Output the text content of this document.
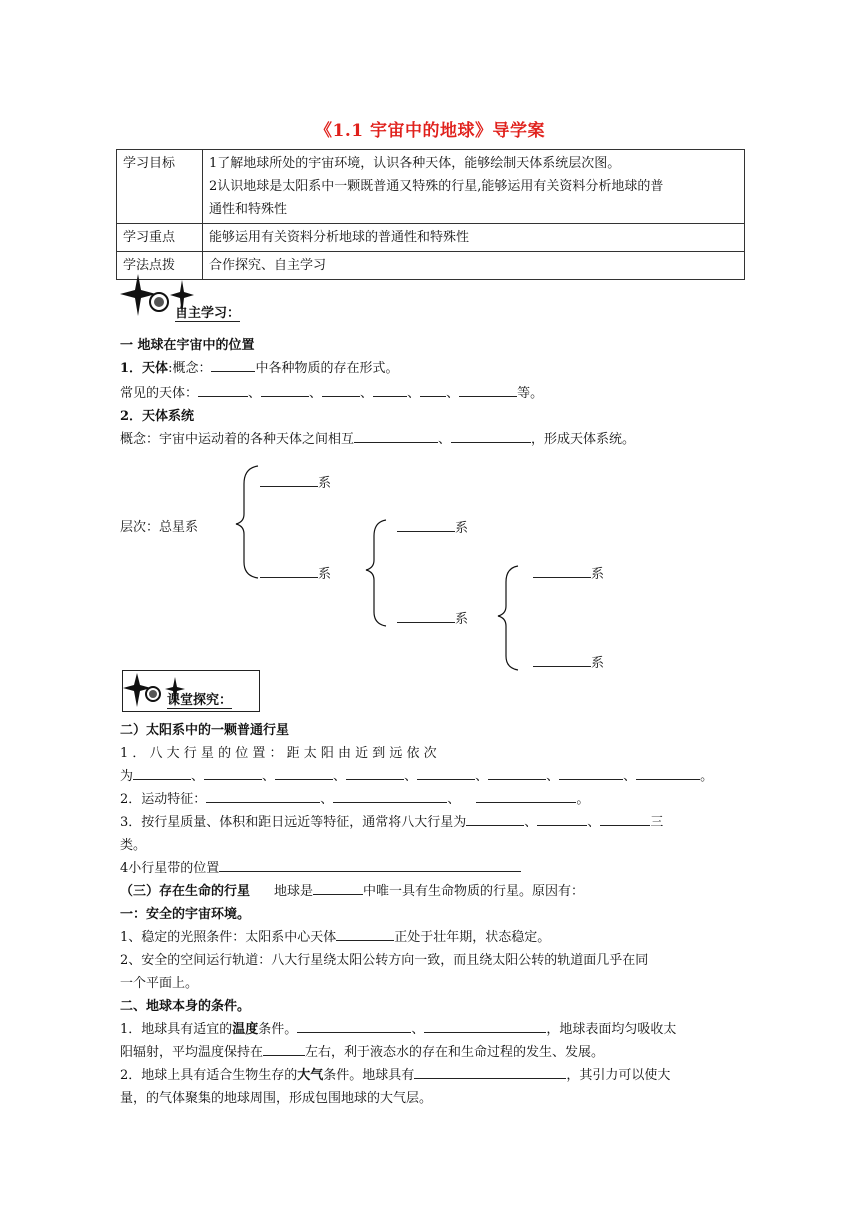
《1.1 宇宙中的地球》导学案
学习目标	1了解地球所处的宇宙环境，认识各种天体，能够绘制天体系统层次图。
2认识地球是太阳系中一颗既普通又特殊的行星,能够运用有关资料分析地球的普
通性和特殊性

学习重点	能够运用有关资料分析地球的普通性和特殊性

学法点拨	合作探究、自主学习
自主学习：
一 地球在宇宙中的位置
1．天体:概念：	中各种物质的存在形式。
常见的天体：	、	、	、	、 、	等。
2．天体系统
概念：宇宙中运动着的各种天体之间相互	、	，形成天体系统。
层次：总星系
系
系
系
系
系
系
课堂探究：
二）太阳系中的一颗普通行星
1 ． 八 大 行 星 的 位 置 ： 距 太 阳 由 近 到 远 依 次
为	、	、	、	、	、	、	、	。
2．运动特征：	、	、	。
3．按行星质量、体积和距日远近等特征，通常将八大行星为	、	、	三
类。
4小行星带的位置
（三）存在生命的行星 地球是	中唯一具有生命物质的行星。原因有：
一：安全的宇宙环境。
1、稳定的光照条件：太阳系中心天体	正处于壮年期，状态稳定。
2、安全的空间运行轨道：八大行星绕太阳公转方向一致，而且绕太阳公转的轨道面几乎在同
一个平面上。
二、地球本身的条件。
1．地球具有适宜的温度条件。	、	，地球表面均匀吸收太
阳辐射，平均温度保持在	左右，利于液态水的存在和生命过程的发生、发展。
2．地球上具有适合生物生存的大气条件。地球具有	，其引力可以使大
量，的气体聚集的地球周围，形成包围地球的大气层。
